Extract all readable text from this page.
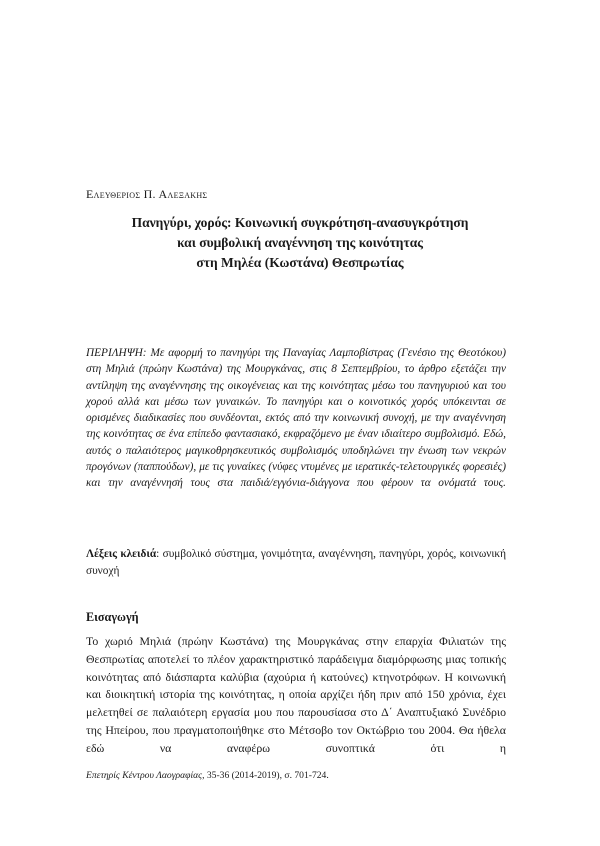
Ελευθεριος Π. Αλεξακης
Πανηγύρι, χορός: Κοινωνική συγκρότηση-ανασυγκρότηση
και συμβολική αναγέννηση της κοινότητας
στη Μηλέα (Κωστάνα) Θεσπρωτίας

ΠΕΡΙΛΗΨΗ: Με αφορμή το πανηγύρι της Παναγίας Λαμποβίστρας (Γενέσιο της Θεοτόκου) στη Μηλιά (πρώην Κωστάνα) της Μουργκάνας, στις 8 Σεπτεμβρίου, το άρθρο εξετάζει την αντίληψη της αναγέννησης της οικογένειας και της κοινότητας μέσω του πανηγυριού και του χορού αλλά και μέσω των γυναικών. Το πανηγύρι και ο κοινοτικός χορός υπόκεινται σε ορισμένες διαδικασίες που συνδέονται, εκτός από την κοινωνική συνοχή, με την αναγέννηση της κοινότητας σε ένα επίπεδο φαντασιακό, εκφραζόμενο με έναν ιδιαίτερο συμβολισμό. Εδώ, αυτός ο παλαιότερος μαγικοθρησκευτικός συμβολισμός υποδηλώνει την ένωση των νεκρών προγόνων (παππούδων), με τις γυναίκες (νύφες ντυμένες με ιερατικές-τελετουργικές φορεσιές) και την αναγέννησή τους στα παιδιά/εγγόνια-διάγγονα που φέρουν τα ονόματά τους.

Λέξεις κλειδιά: συμβολικό σύστημα, γονιμότητα, αναγέννηση, πανηγύρι, χορός, κοινωνική συνοχή

Εισαγωγή

Το χωριό Μηλιά (πρώην Κωστάνα) της Μουργκάνας στην επαρχία Φιλιατών της Θεσπρωτίας αποτελεί το πλέον χαρακτηριστικό παράδειγμα διαμόρφωσης μιας τοπικής κοινότητας από διάσπαρτα καλύβια (αχούρια ή κατούνες) κτηνοτρόφων. Η κοινωνική και διοικητική ιστορία της κοινότητας, η οποία αρχίζει ήδη πριν από 150 χρόνια, έχει μελετηθεί σε παλαιότερη εργασία μου που παρουσίασα στο Δ΄ Αναπτυξιακό Συνέδριο της Ηπείρου, που πραγματοποιήθηκε στο Μέτσοβο τον Οκτώβριο του 2004. Θα ήθελα εδώ να αναφέρω συνοπτικά ότι η

Επετηρίς Κέντρου Λαογραφίας, 35-36 (2014-2019), σ. 701-724.
